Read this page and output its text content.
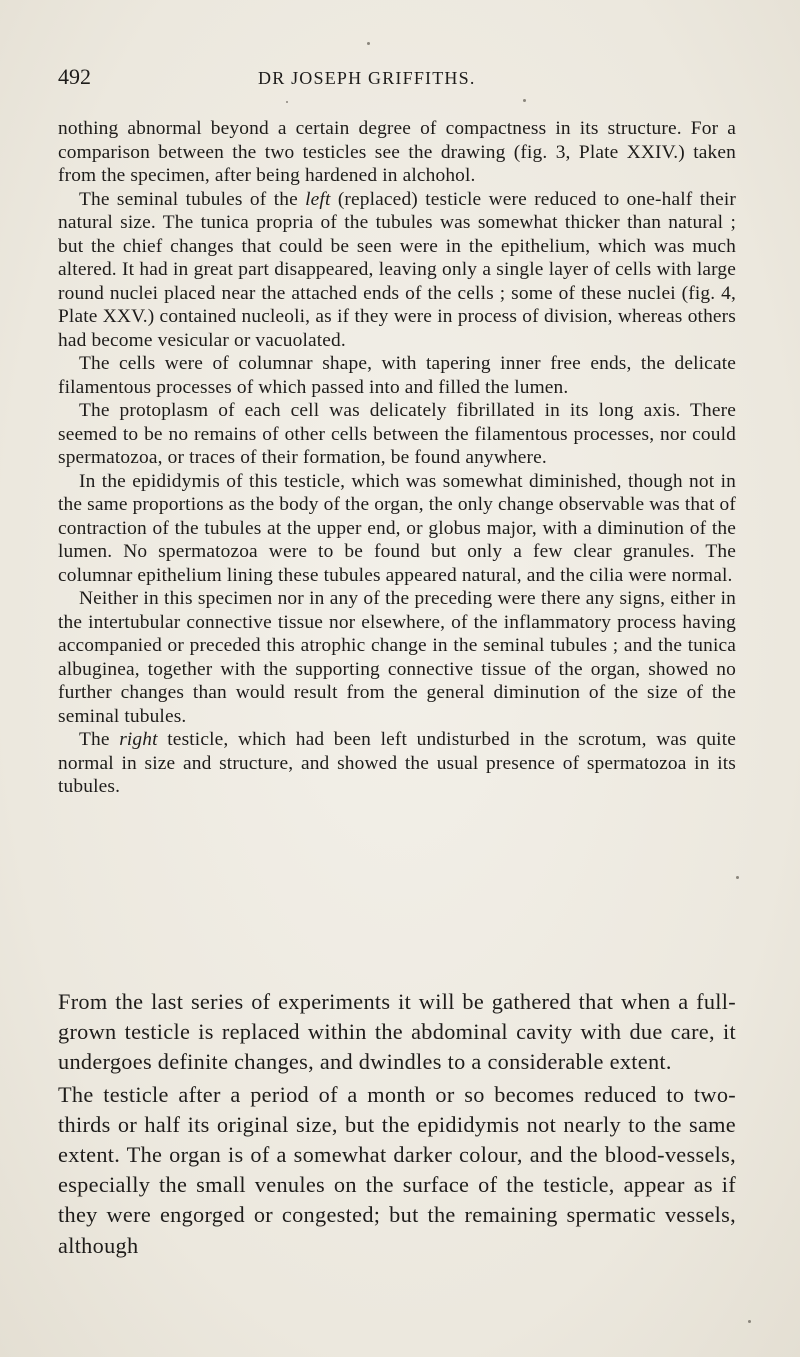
492	DR JOSEPH GRIFFITHS.

nothing abnormal beyond a certain degree of compactness in its structure. For a comparison between the two testicles see the drawing (fig. 3, Plate XXIV.) taken from the specimen, after being hardened in alchohol.

The seminal tubules of the left (replaced) testicle were reduced to one-half their natural size. The tunica propria of the tubules was somewhat thicker than natural ; but the chief changes that could be seen were in the epithelium, which was much altered. It had in great part disappeared, leaving only a single layer of cells with large round nuclei placed near the attached ends of the cells ; some of these nuclei (fig. 4, Plate XXV.) contained nucleoli, as if they were in process of division, whereas others had become vesicular or vacuolated.

The cells were of columnar shape, with tapering inner free ends, the delicate filamentous processes of which passed into and filled the lumen.

The protoplasm of each cell was delicately fibrillated in its long axis. There seemed to be no remains of other cells between the filamentous processes, nor could spermatozoa, or traces of their formation, be found anywhere.

In the epididymis of this testicle, which was somewhat diminished, though not in the same proportions as the body of the organ, the only change observable was that of contraction of the tubules at the upper end, or globus major, with a diminution of the lumen. No spermatozoa were to be found but only a few clear granules. The columnar epithelium lining these tubules appeared natural, and the cilia were normal.

Neither in this specimen nor in any of the preceding were there any signs, either in the intertubular connective tissue nor elsewhere, of the inflammatory process having accompanied or preceded this atrophic change in the seminal tubules ; and the tunica albuginea, together with the supporting connective tissue of the organ, showed no further changes than would result from the general diminution of the size of the seminal tubules.

The right testicle, which had been left undisturbed in the scrotum, was quite normal in size and structure, and showed the usual presence of spermatozoa in its tubules.

From the last series of experiments it will be gathered that when a full-grown testicle is replaced within the abdominal cavity with due care, it undergoes definite changes, and dwindles to a considerable extent.

The testicle after a period of a month or so becomes reduced to two-thirds or half its original size, but the epididymis not nearly to the same extent. The organ is of a somewhat darker colour, and the blood-vessels, especially the small venules on the surface of the testicle, appear as if they were engorged or congested; but the remaining spermatic vessels, although
